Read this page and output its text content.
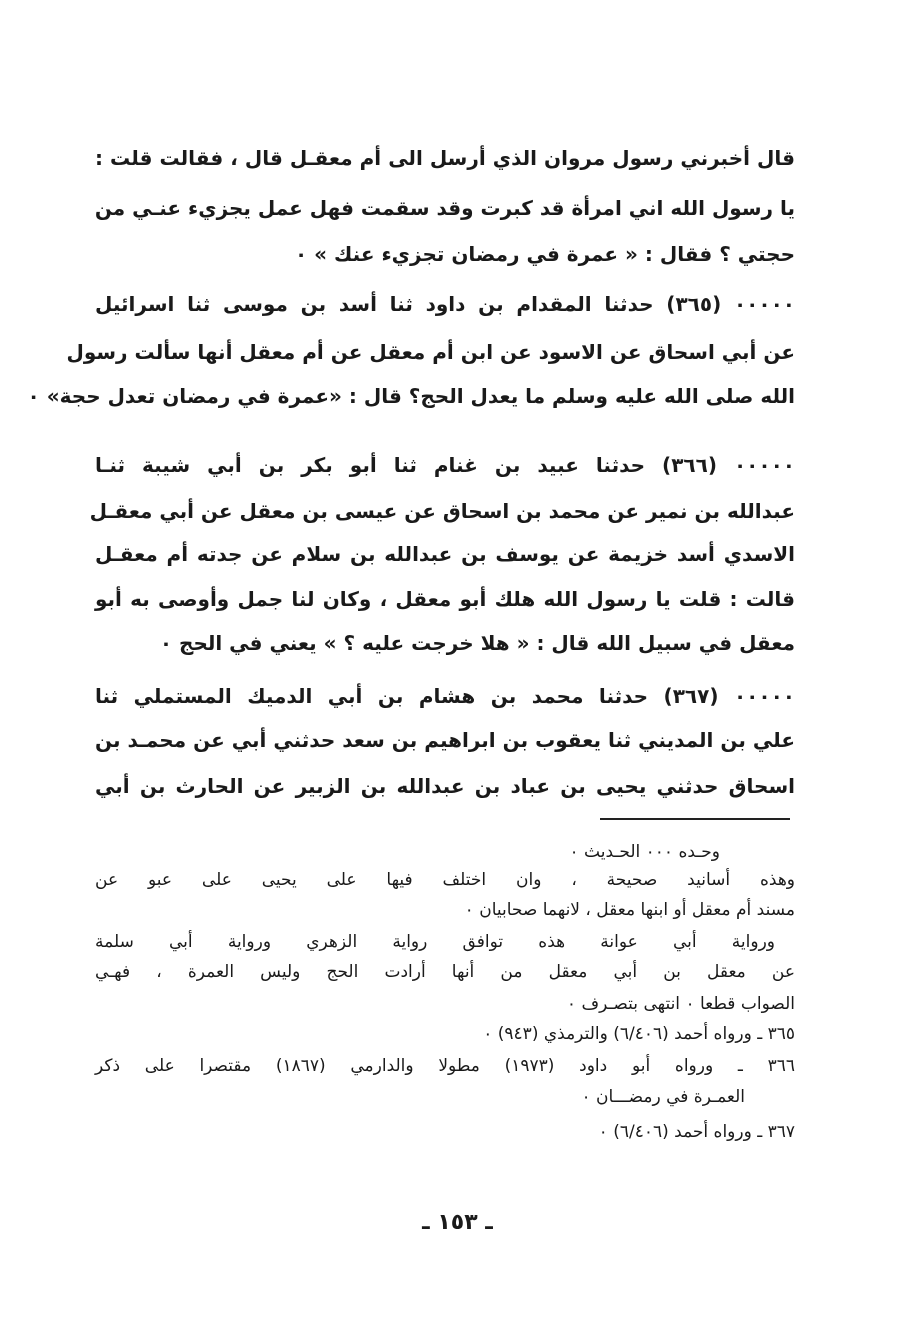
قال أخبرني رسول مروان الذي أرسل الى أم معقـل قال ، فقالت قلت :
يا رسول الله اني امرأة قد كبرت وقد سقمت فهل عمل يجزيء عنـي من
حجتي ؟ فقال : « عمرة في رمضان تجزيء عنك » ٠
٠٠٠٠٠ (٣٦٥) حدثنا المقدام بن داود ثنا أسد بن موسى ثنا اسرائيل
عن أبي اسحاق عن الاسود عن ابن أم معقل عن أم معقل أنها سألت رسول
الله صلى الله عليه وسلم ما يعدل الحج؟ قال : «عمرة في رمضان تعدل حجة» ٠
٠٠٠٠٠ (٣٦٦) حدثنا عبيد بن غنام ثنا أبو بكر بن أبي شيبة ثنـا
عبدالله بن نمير عن محمد بن اسحاق عن عيسى بن معقل عن أبي معقـل
الاسدي أسد خزيمة عن يوسف بن عبدالله بن سلام عن جدته أم معقـل
قالت : قلت يا رسول الله هلك أبو معقل ، وكان لنا جمل وأوصى به أبو
معقل في سبيل الله قال : « هلا خرجت عليه ؟ » يعني في الحج ٠
٠٠٠٠٠ (٣٦٧) حدثنا محمد بن هشام بن أبي الدميك المستملي ثنا
علي بن المديني ثنا يعقوب بن ابراهيم بن سعد حدثني أبي عن محمـد بن
اسحاق حدثني يحيى بن عباد بن عبدالله بن الزبير عن الحارث بن أبي
وحـده ٠٠٠ الحـديث ٠
وهذه أسانيد صحيحة ، وان اختلف فيها على يحيى على عبو عن
مسند أم معقل أو ابنها معقل ، لانهما صحابيان ٠
ورواية أبي عوانة هذه توافق رواية الزهري ورواية أبي سلمة
عن معقل بن أبي معقل من أنها أرادت الحج وليس العمرة ، فهـي
الصواب قطعا ٠ انتهى بتصـرف ٠
٣٦٥ ـ ورواه أحمد (٦/٤٠٦) والترمذي (٩٤٣) ٠
٣٦٦ ـ ورواه أبو داود (١٩٧٣) مطولا والدارمي (١٨٦٧) مقتصرا على ذكر
العمـرة في رمضـــان ٠
٣٦٧ ـ ورواه أحمد (٦/٤٠٦) ٠
ـ ١٥٣ ـ
